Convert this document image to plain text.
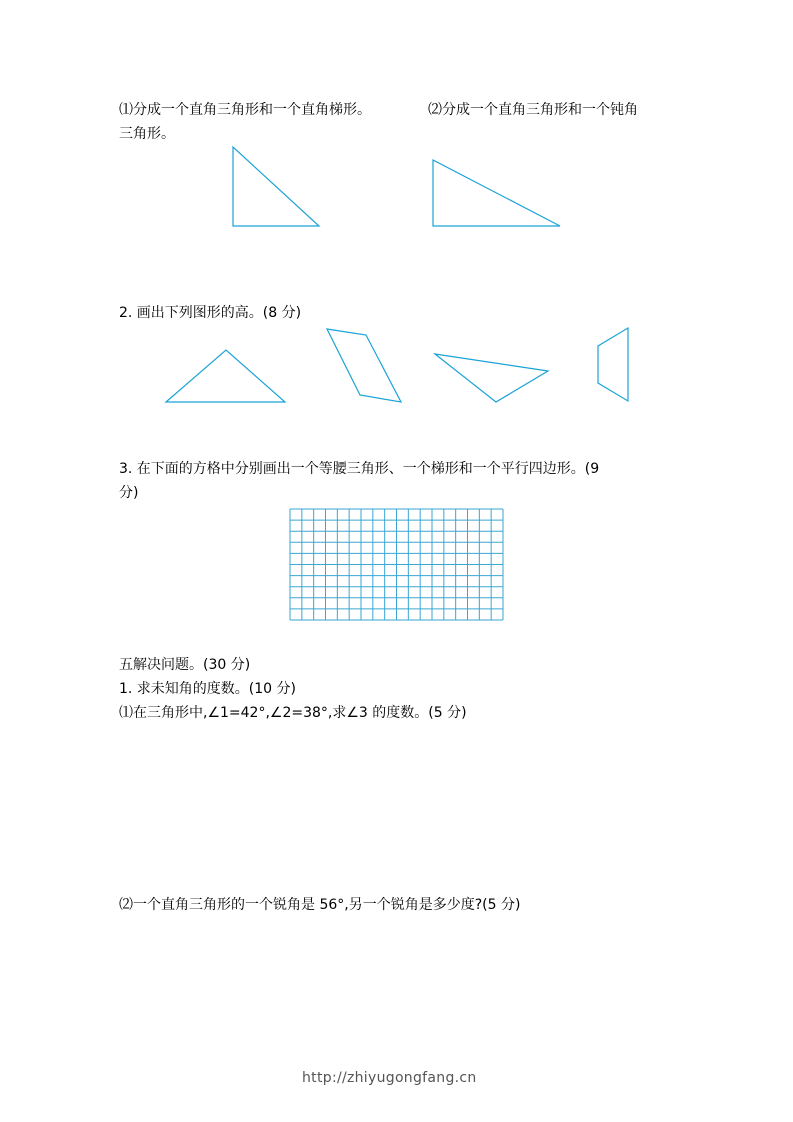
⑴分成一个直角三角形和一个直角梯形。	⑵分成一个直角三角形和一个钝角
三角形。
2. 画出下列图形的高。(8 分)
3. 在下面的方格中分别画出一个等腰三角形、一个梯形和一个平行四边形。(9
分)
五解决问题。(30 分)
1. 求未知角的度数。(10 分)
⑴在三角形中,∠1=42°,∠2=38°,求∠3 的度数。(5 分)
⑵一个直角三角形的一个锐角是 56°,另一个锐角是多少度?(5 分)
http://zhiyugongfang.cn
